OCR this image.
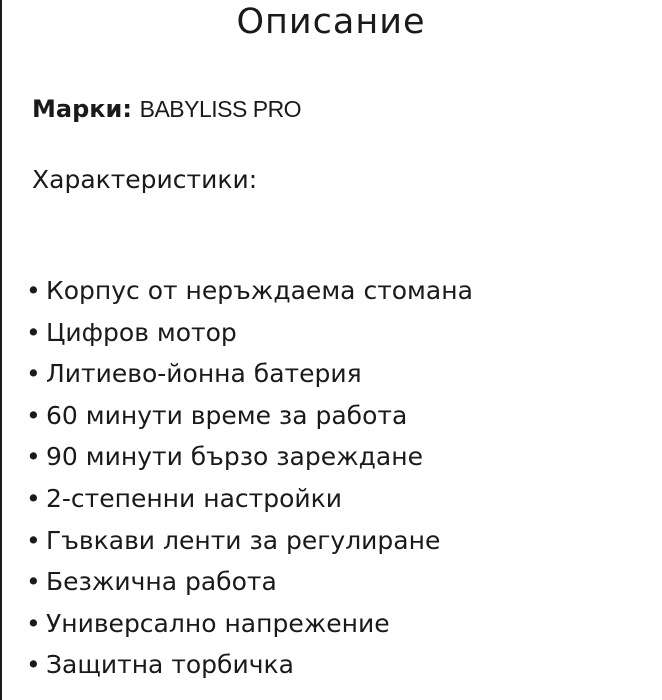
Описание
Марки: BABYLISS PRO
Характеристики:
• Корпус от неръждаема стомана
• Цифров мотор
• Литиево-йонна батерия
• 60 минути време за работа
• 90 минути бързо зареждане
• 2-степенни настройки
• Гъвкави ленти за регулиране
• Безжична работа
• Универсално напрежение
• Защитна торбичка
